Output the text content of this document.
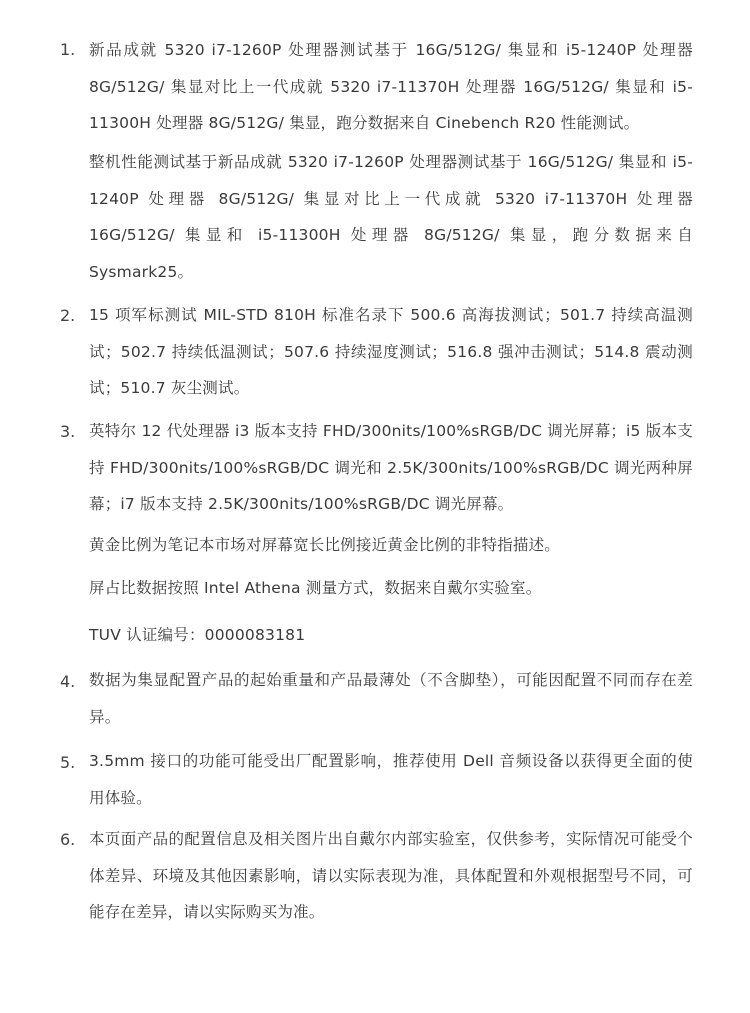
1. 新品成就 5320 i7-1260P 处理器测试基于 16G/512G/ 集显和 i5-1240P 处理器 8G/512G/ 集显对比上一代成就 5320 i7-11370H 处理器 16G/512G/ 集显和 i5-11300H 处理器 8G/512G/ 集显，跑分数据来自 Cinebench R20 性能测试。
整机性能测试基于新品成就 5320 i7-1260P 处理器测试基于 16G/512G/ 集显和 i5-1240P 处理器 8G/512G/ 集显对比上一代成就 5320 i7-11370H 处理器 16G/512G/ 集显和 i5-11300H 处理器 8G/512G/ 集显，跑分数据来自 Sysmark25。
2. 15 项军标测试 MIL-STD 810H 标准名录下 500.6 高海拔测试；501.7 持续高温测试；502.7 持续低温测试；507.6 持续湿度测试；516.8 强冲击测试；514.8 震动测试；510.7 灰尘测试。
3. 英特尔 12 代处理器 i3 版本支持 FHD/300nits/100%sRGB/DC 调光屏幕；i5 版本支持 FHD/300nits/100%sRGB/DC 调光和 2.5K/300nits/100%sRGB/DC 调光两种屏幕；i7 版本支持 2.5K/300nits/100%sRGB/DC 调光屏幕。
黄金比例为笔记本市场对屏幕宽长比例接近黄金比例的非特指描述。
屏占比数据按照 Intel Athena 测量方式，数据来自戴尔实验室。
TUV 认证编号：0000083181
4. 数据为集显配置产品的起始重量和产品最薄处（不含脚垫），可能因配置不同而存在差异。
5. 3.5mm 接口的功能可能受出厂配置影响，推荐使用 Dell 音频设备以获得更全面的使用体验。
6. 本页面产品的配置信息及相关图片出自戴尔内部实验室，仅供参考，实际情况可能受个体差异、环境及其他因素影响，请以实际表现为准，具体配置和外观根据型号不同，可能存在差异，请以实际购买为准。
